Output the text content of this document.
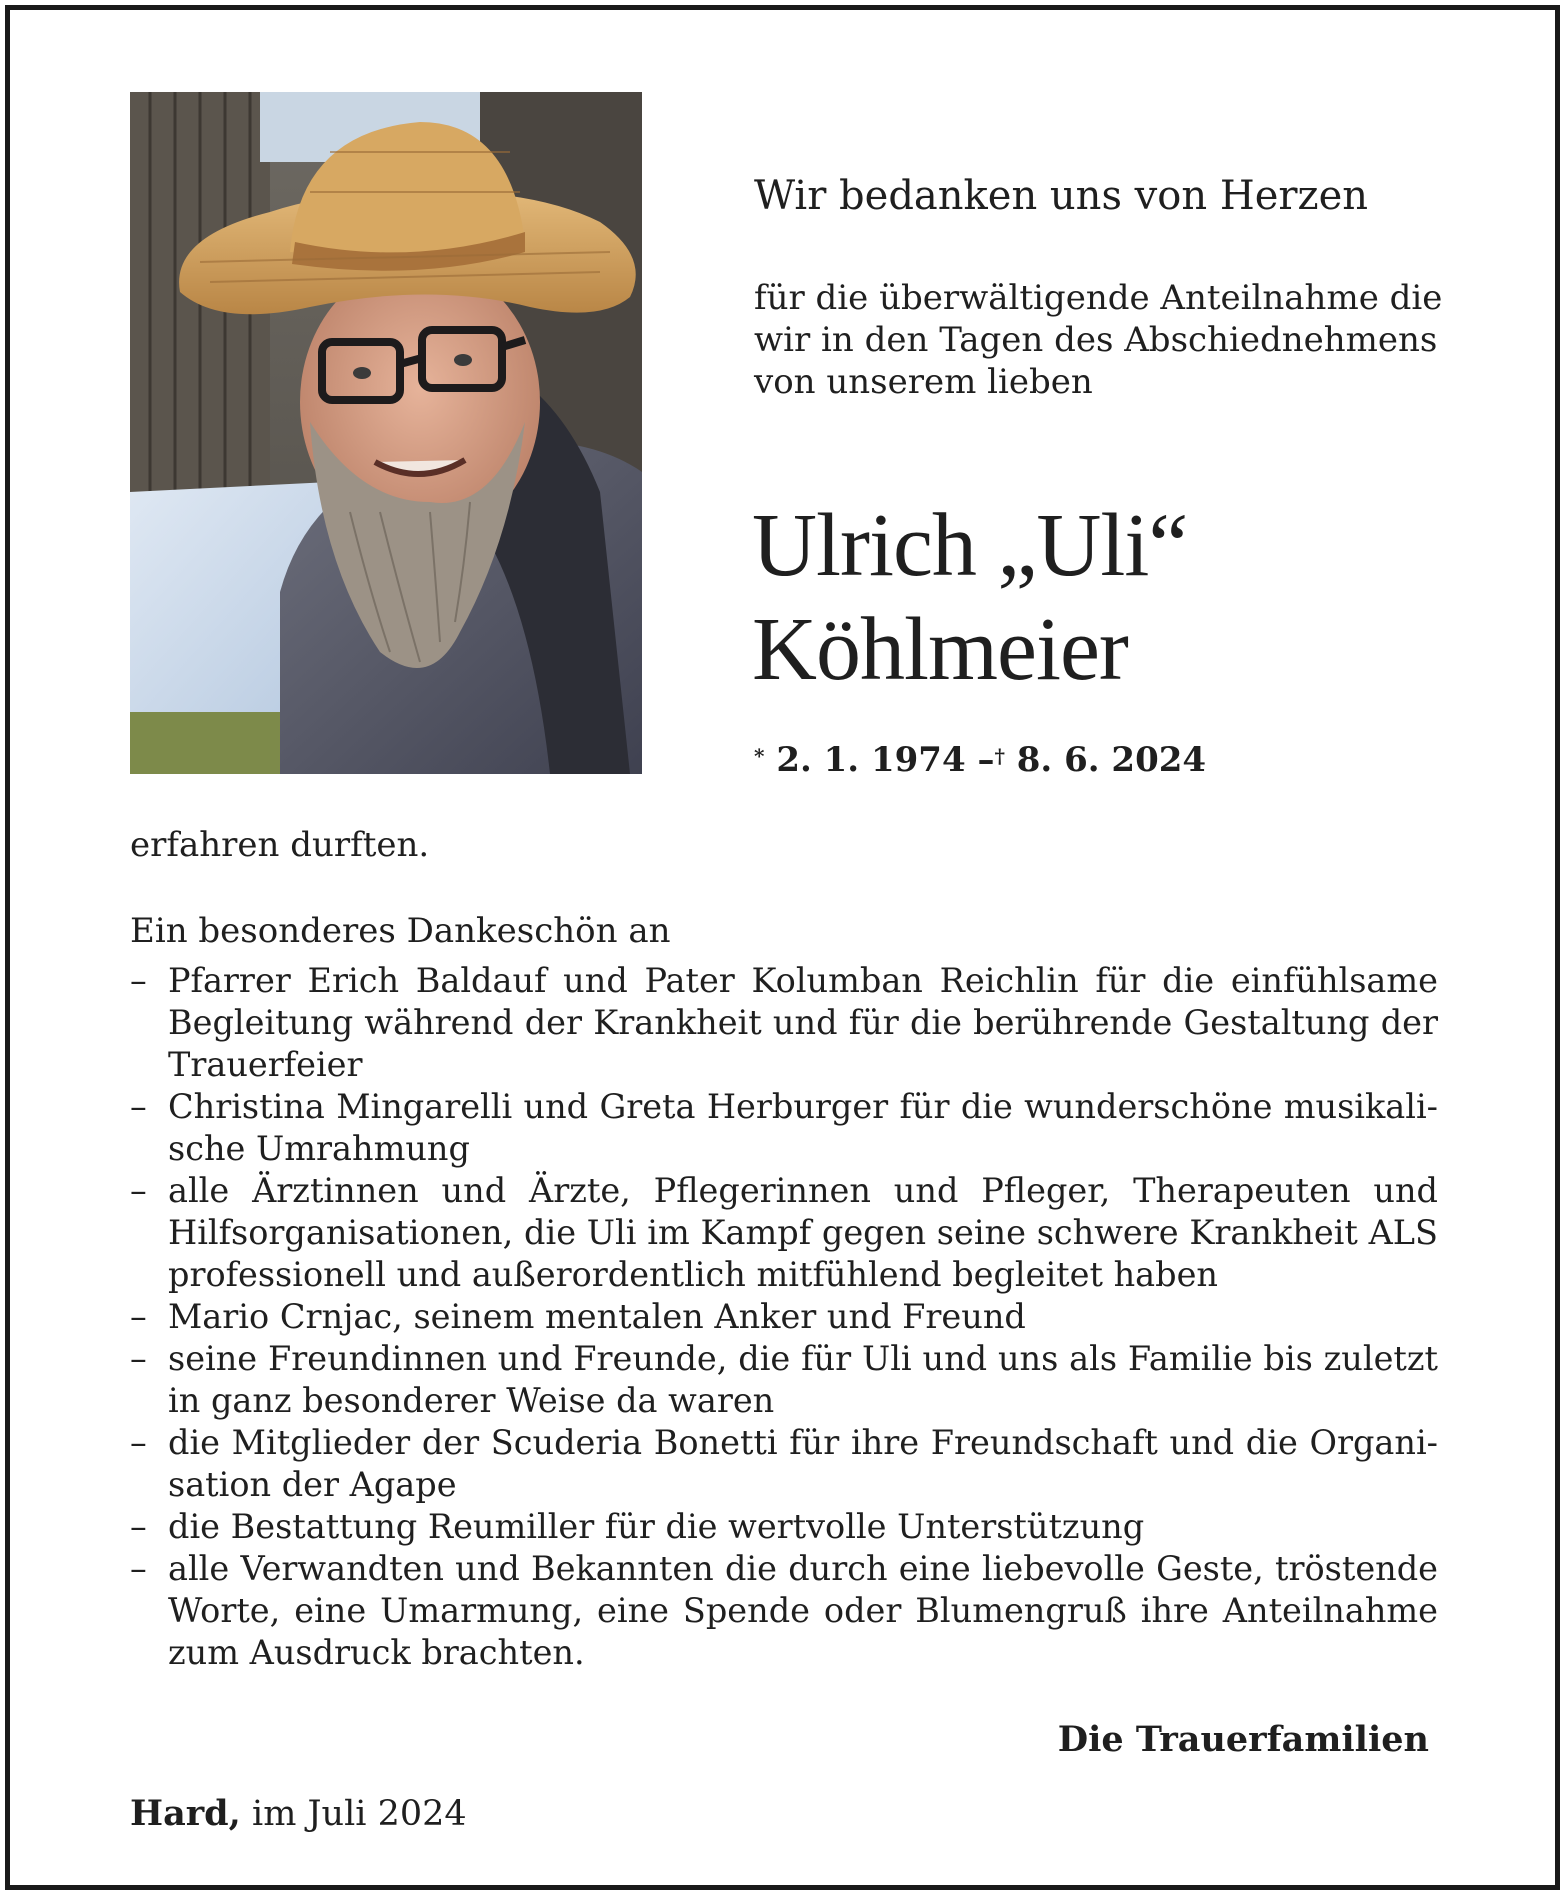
Wir bedanken uns von Herzen
für die überwältigende Anteilnahme die
wir in den Tagen des Abschiednehmens
von unserem lieben
Ulrich „Uli“
Köhlmeier
* 2. 1. 1974 –† 8. 6. 2024
erfahren durften.
Ein besonderes Dankeschön an
– Pfarrer Erich Baldauf und Pater Kolumban Reichlin für die einfühlsame
Begleitung während der Krankheit und für die berührende Gestaltung der
Trauerfeier
– Christina Mingarelli und Greta Herburger für die wunderschöne musikali-
sche Umrahmung
– alle Ärztinnen und Ärzte, Pflegerinnen und Pfleger, Therapeuten und
Hilfsorganisationen, die Uli im Kampf gegen seine schwere Krankheit ALS
professionell und außerordentlich mitfühlend begleitet haben
– Mario Crnjac, seinem mentalen Anker und Freund
– seine Freundinnen und Freunde, die für Uli und uns als Familie bis zuletzt
in ganz besonderer Weise da waren
– die Mitglieder der Scuderia Bonetti für ihre Freundschaft und die Organi-
sation der Agape
– die Bestattung Reumiller für die wertvolle Unterstützung
– alle Verwandten und Bekannten die durch eine liebevolle Geste, tröstende
Worte, eine Umarmung, eine Spende oder Blumengruß ihre Anteilnahme
zum Ausdruck brachten.
Die Trauerfamilien
Hard, im Juli 2024
